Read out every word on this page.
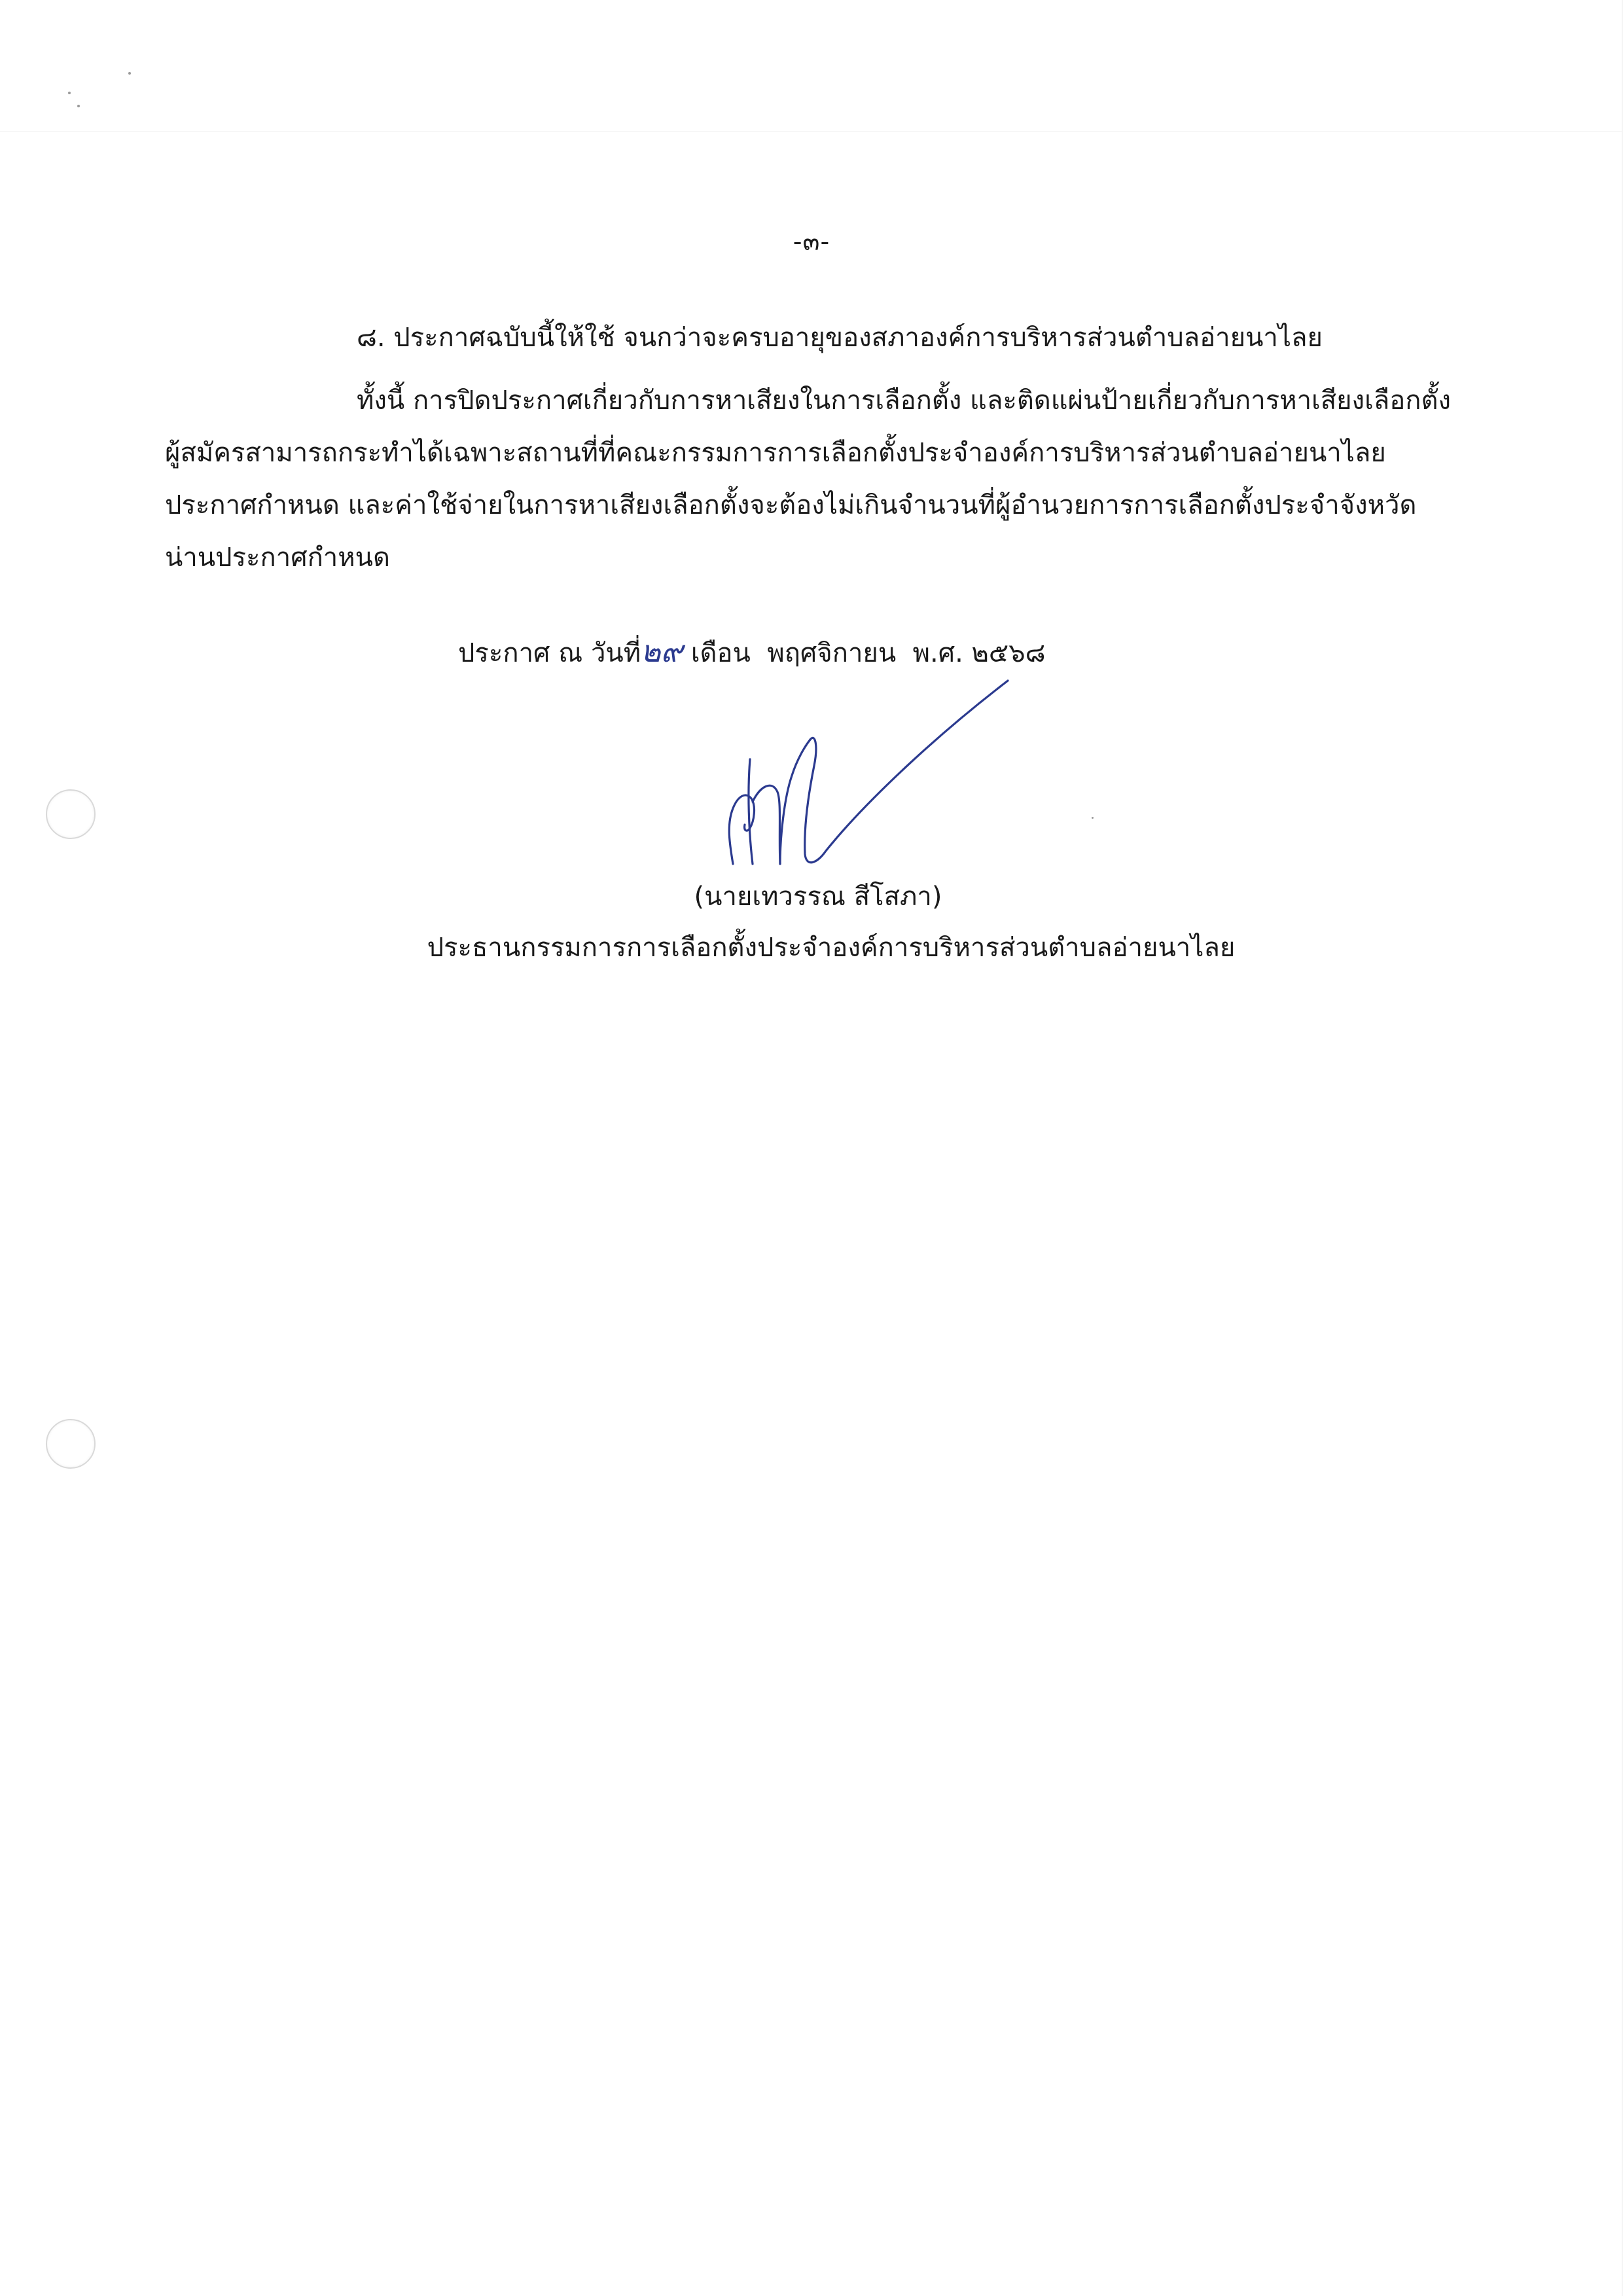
-๓-
๘. ประกาศฉบับนี้ให้ใช้ จนกว่าจะครบอายุของสภาองค์การบริหารส่วนตำบลอ่ายนาไลย
ทั้งนี้ การปิดประกาศเกี่ยวกับการหาเสียงในการเลือกตั้ง และติดแผ่นป้ายเกี่ยวกับการหาเสียงเลือกตั้ง
ผู้สมัครสามารถกระทำได้เฉพาะสถานที่ที่คณะกรรมการการเลือกตั้งประจำองค์การบริหารส่วนตำบลอ่ายนาไลย
ประกาศกำหนด และค่าใช้จ่ายในการหาเสียงเลือกตั้งจะต้องไม่เกินจำนวนที่ผู้อำนวยการการเลือกตั้งประจำจังหวัด
น่านประกาศกำหนด
ประกาศ ณ วันที่๒๙ เดือน พฤศจิกายน พ.ศ. ๒๕๖๘
(นายเทวรรณ สีโสภา)
ประธานกรรมการการเลือกตั้งประจำองค์การบริหารส่วนตำบลอ่ายนาไลย
